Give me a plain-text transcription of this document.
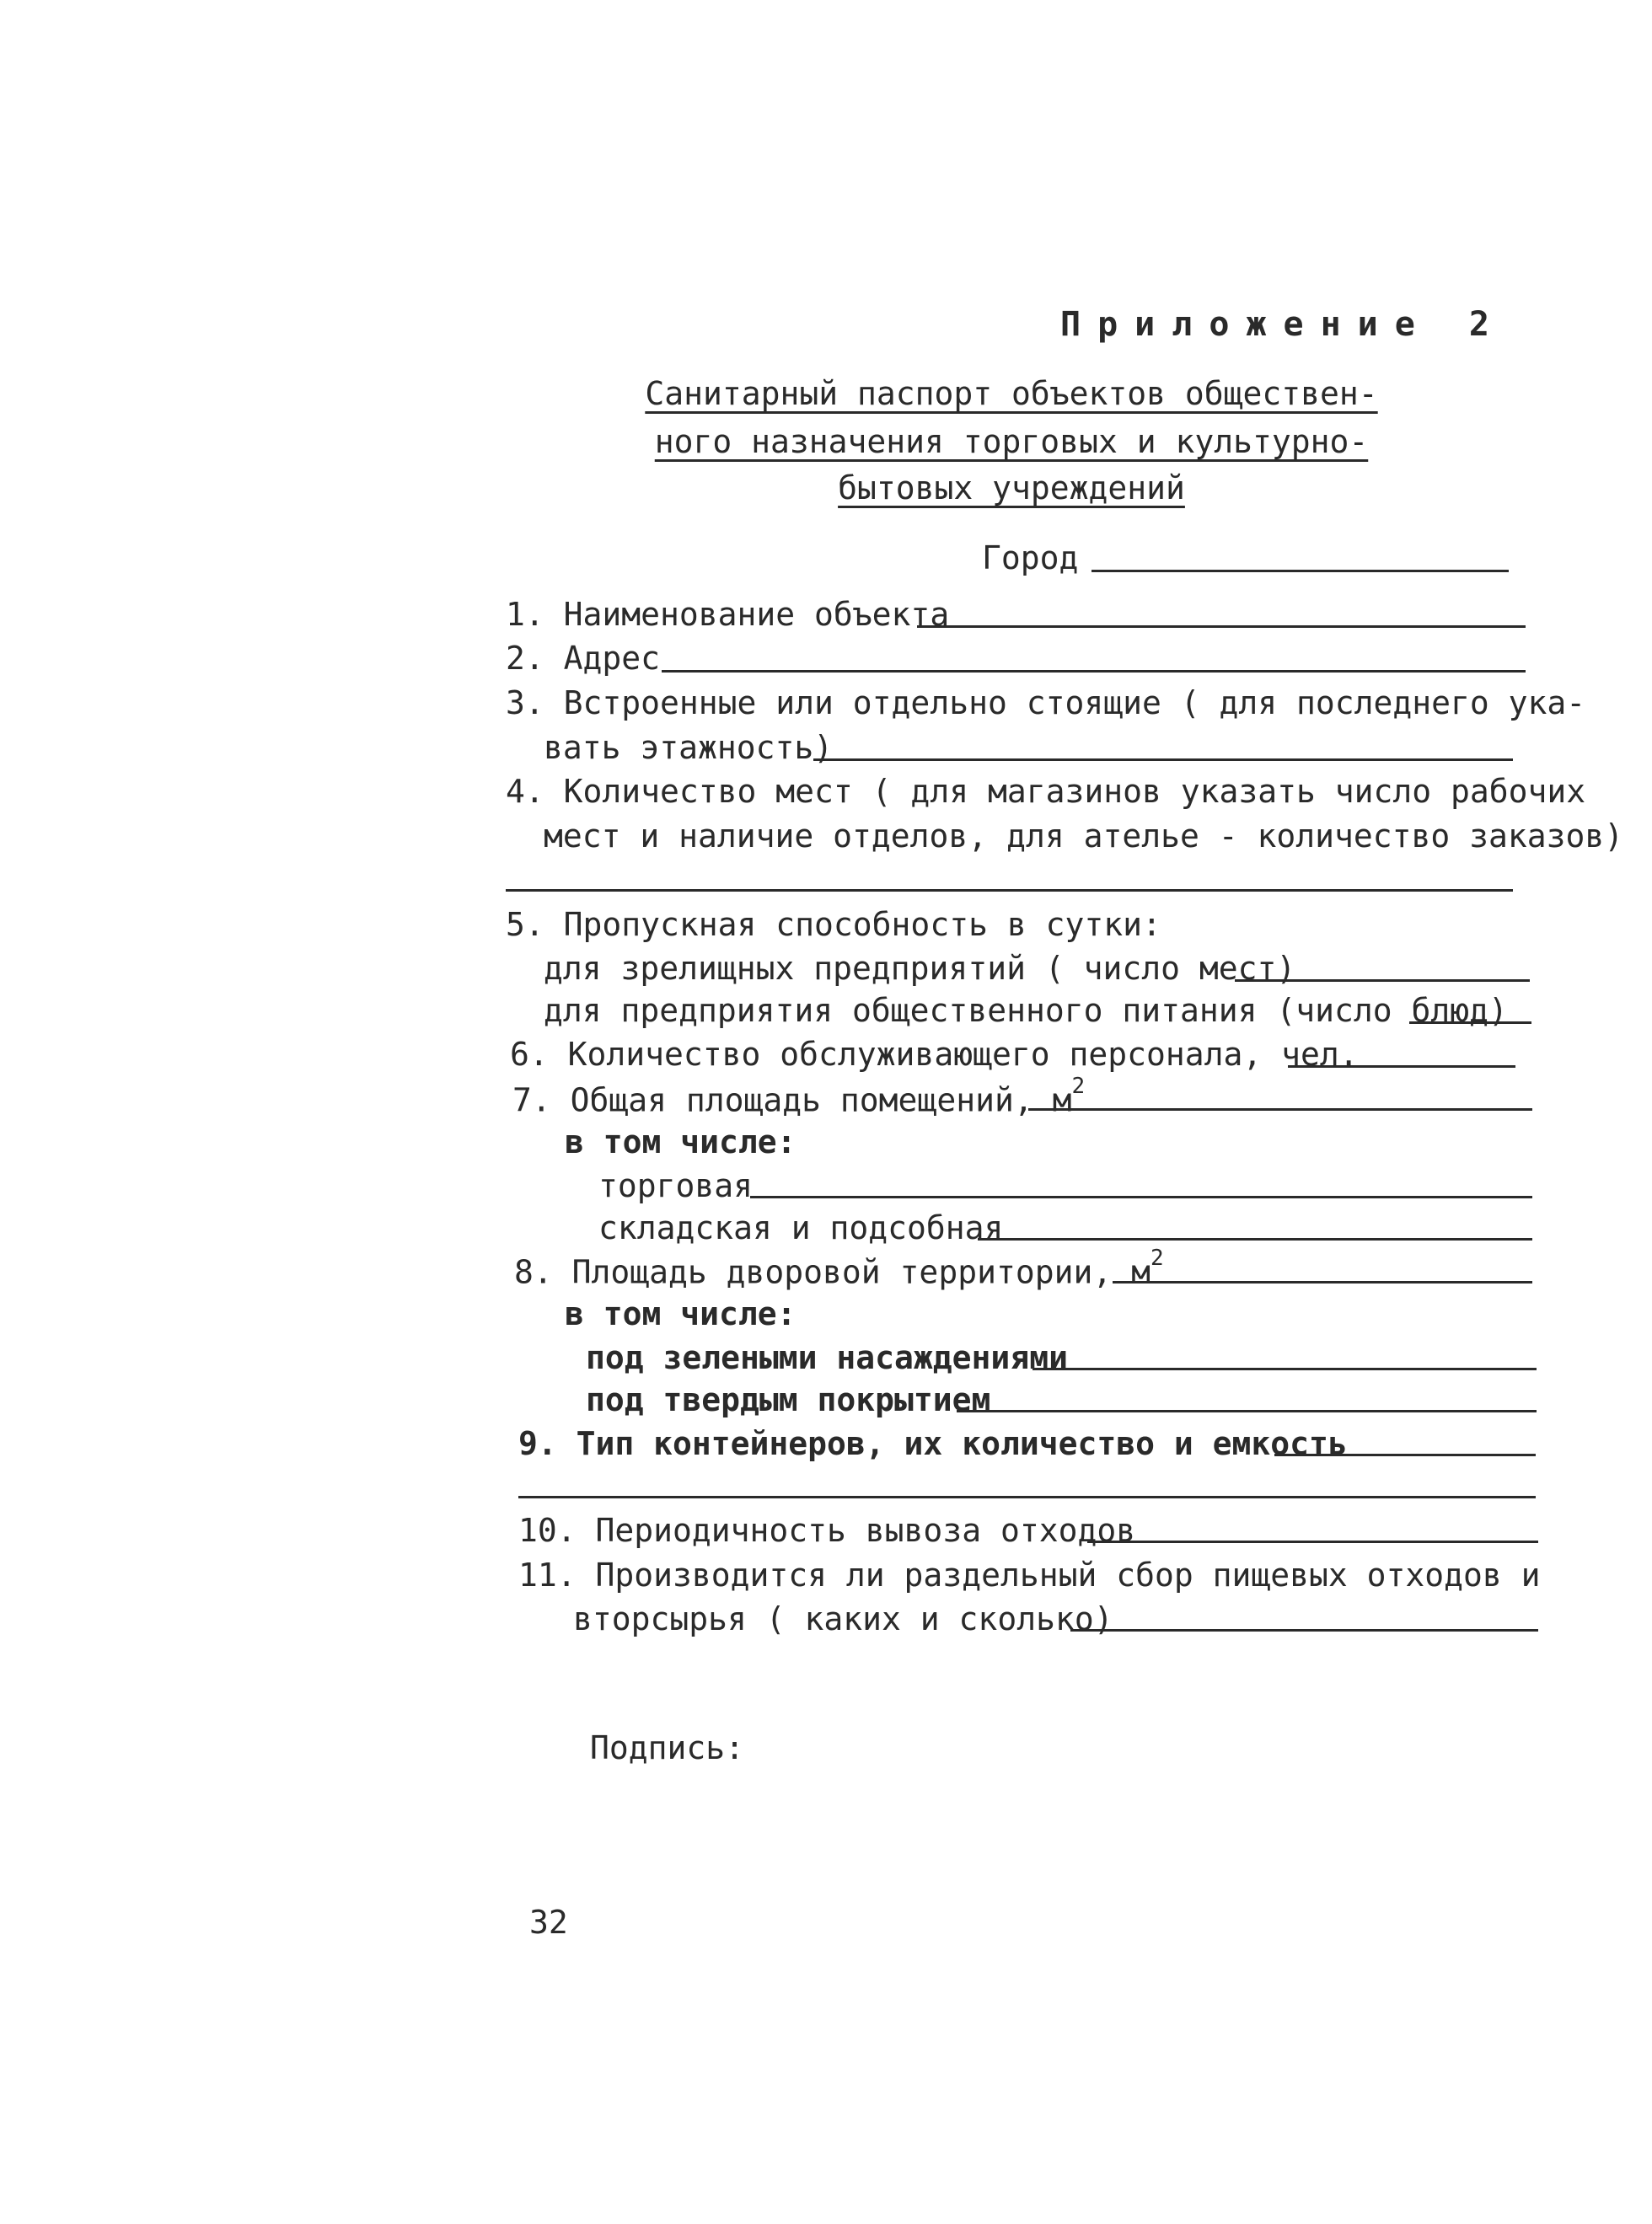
Приложение 2
Санитарный паспорт объектов обществен-
ного назначения торговых и культурно-
бытовых учреждений
Город
1. Наименование объекта
2. Адрес
3. Встроенные или отдельно стоящие ( для последнего ука-
вать этажность)
4. Количество мест ( для магазинов указать число рабочих
мест и наличие отделов, для ателье - количество заказов)
5. Пропускная способность в сутки:
для зрелищных предприятий ( число мест)
для предприятия общественного питания (число блюд)
6. Количество обслуживающего персонала, чел.
7. Общая площадь помещений, $м^2$
в том числе:
торговая
складская и подсобная
8. Площадь дворовой территории, $м^2$
в том числе:
под зелеными насаждениями
под твердым покрытием
9. Тип контейнеров, их количество и емкость
10. Периодичность вывоза отходов
11. Производится ли раздельный сбор пищевых отходов и
вторсырья ( каких и сколько)
Подпись:
32
